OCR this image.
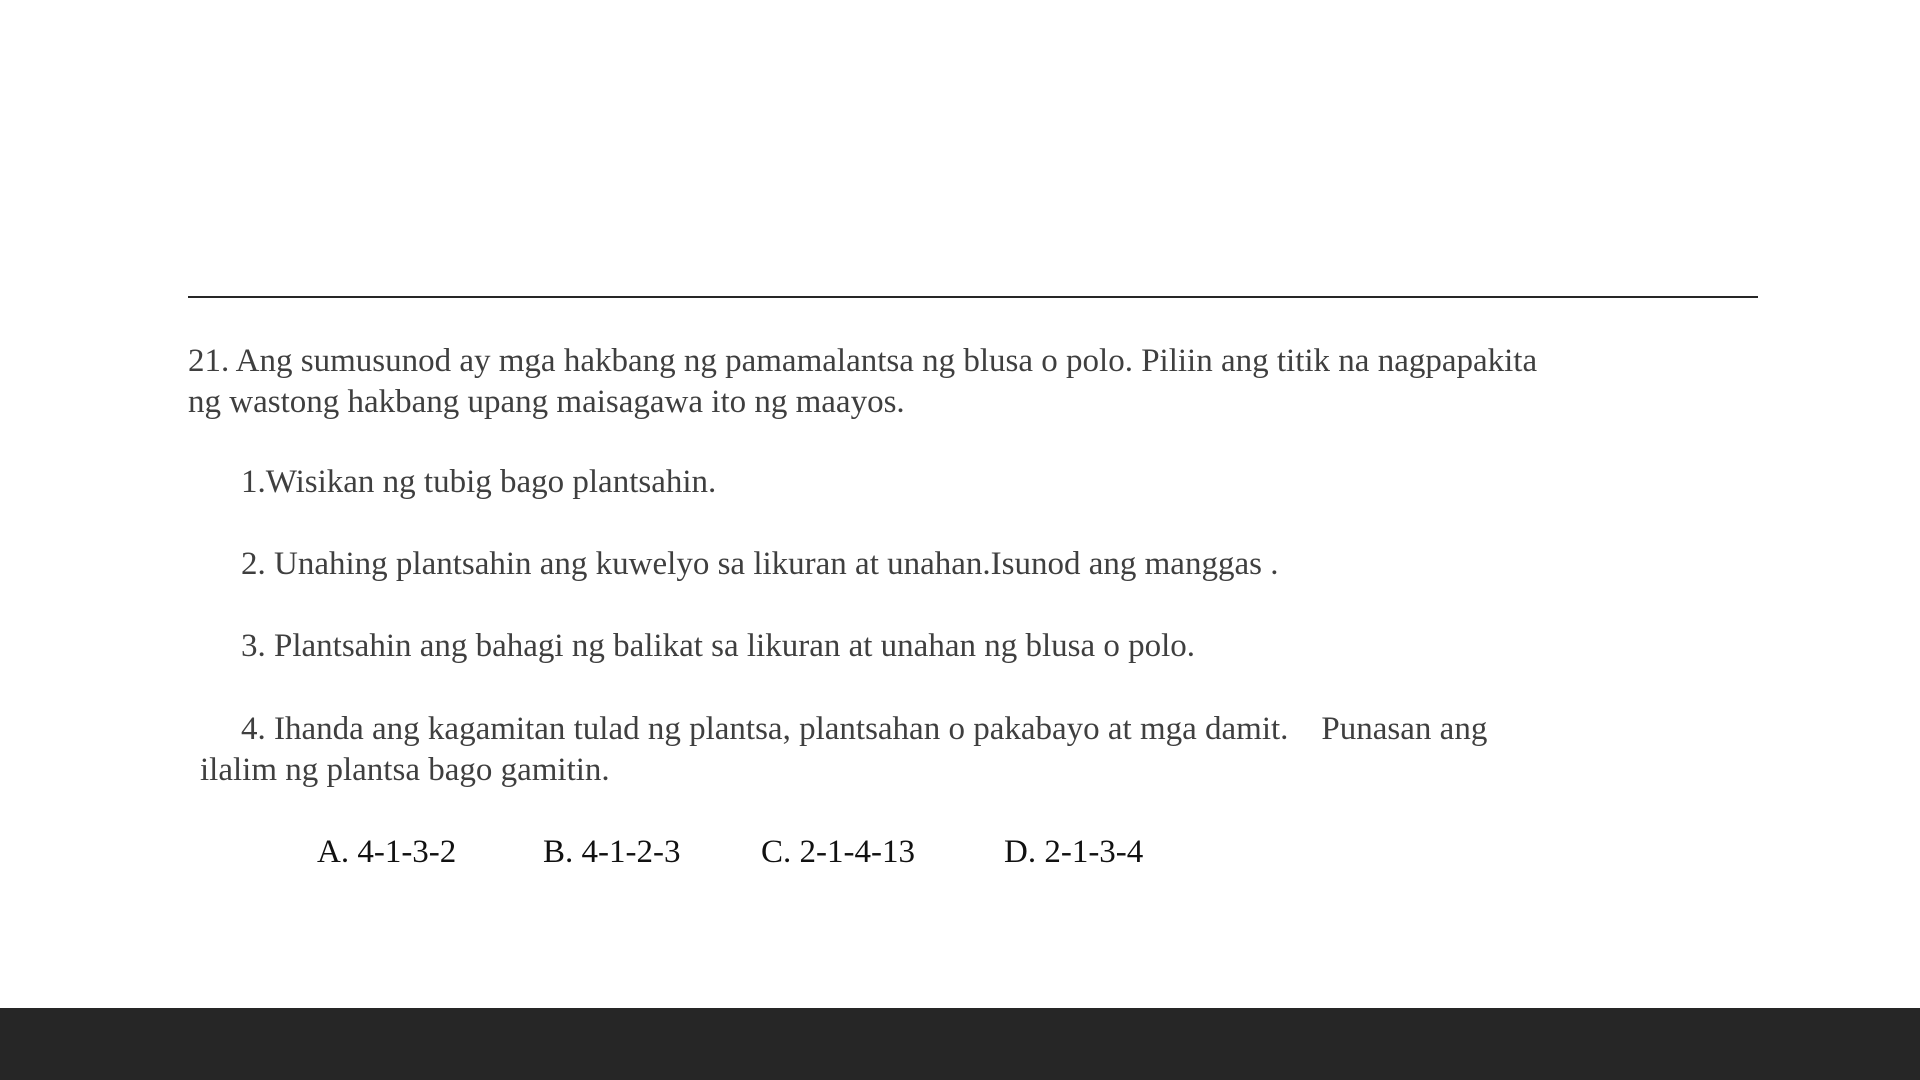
21. Ang sumusunod ay mga hakbang ng pamamalantsa ng blusa o polo. Piliin ang titik na nagpapakita
ng wastong hakbang upang maisagawa ito ng maayos.
1.Wisikan ng tubig bago plantsahin.
2. Unahing plantsahin ang kuwelyo sa likuran at unahan.Isunod ang manggas .
3. Plantsahin ang bahagi ng balikat sa likuran at unahan ng blusa o polo.
4. Ihanda ang kagamitan tulad ng plantsa, plantsahan o pakabayo at mga damit.    Punasan ang
ilalim ng plantsa bago gamitin.
A. 4-1-3-2	B. 4-1-2-3 C. 2-1-4-13	D. 2-1-3-4
